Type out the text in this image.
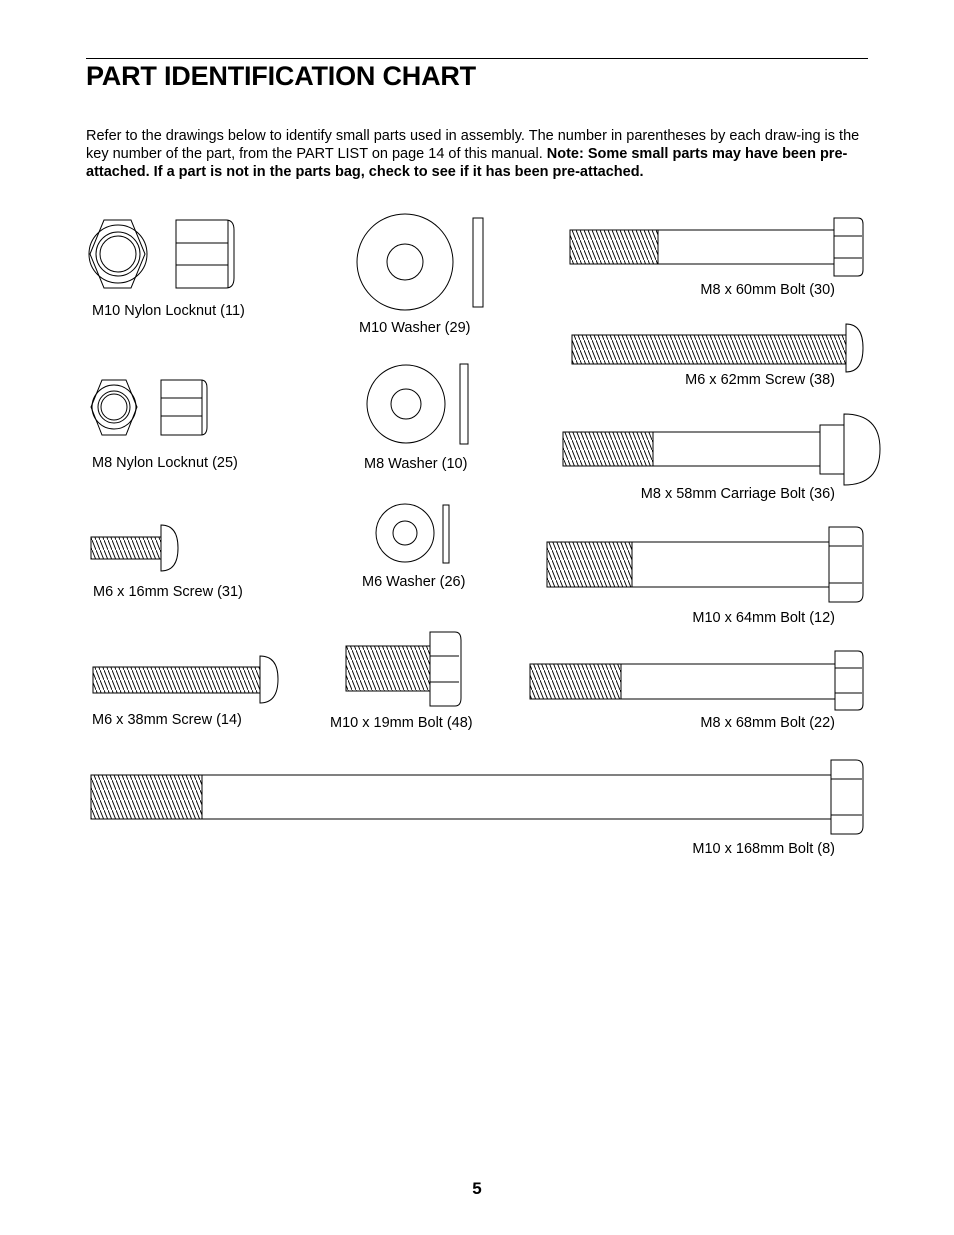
PART IDENTIFICATION CHART

Refer to the drawings below to identify small parts used in assembly. The number in parentheses by each draw-ing is the key number of the part, from the PART LIST on page 14 of this manual. Note: Some small parts may have been pre-attached. If a part is not in the parts bag, check to see if it has been pre-attached.

M10 Nylon Locknut (11)
M8 Nylon Locknut (25)
M6 x 16mm Screw (31)
M6 x 38mm Screw (14)
M10 Washer (29)
M8 Washer (10)
M6 Washer (26)
M10 x 19mm Bolt (48)
M8 x 60mm Bolt (30)
M6 x 62mm Screw (38)
M8 x 58mm Carriage Bolt (36)
M10 x 64mm Bolt (12)
M8 x 68mm Bolt (22)
M10 x 168mm Bolt (8)
5
